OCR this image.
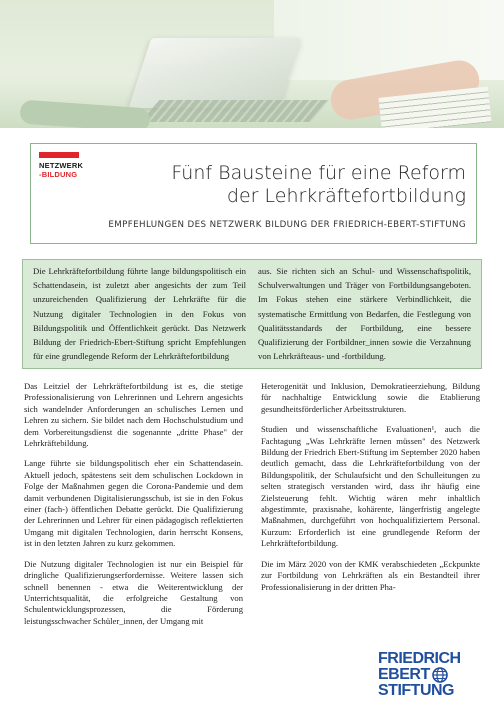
NETZWERK
-BILDUNG	Fünf Bausteine für eine Reform
der Lehrkräftefortbildung
EMPFEHLUNGEN DES NETZWERK BILDUNG DER FRIEDRICH-EBERT-STIFTUNG
Die Lehrkräftefortbildung führte lange bildungspolitisch ein Schattendasein, ist zuletzt aber angesichts der zum Teil unzureichenden Qualifizierung der Lehrkräfte für die Nutzung digitaler Technologien in den Fokus von Bildungspolitik und Öffentlichkeit gerückt. Das Netzwerk Bildung der Friedrich-Ebert-Stiftung spricht Empfehlungen für eine grundlegende Reform der Lehrkräftefortbildung
aus. Sie richten sich an Schul- und Wissenschaftspolitik, Schulverwaltungen und Träger von Fortbildungsangeboten. Im Fokus stehen eine stärkere Verbindlichkeit, die systematische Ermittlung von Bedarfen, die Festlegung von Qualitätsstandards der Fortbildung, eine bessere Qualifizierung der Fortbildner_innen sowie die Verzahnung von Lehrkräfteaus- und -fortbildung.

Das Leitziel der Lehrkräftefortbildung ist es, die stetige Professionalisierung von Lehrerinnen und Lehrern angesichts sich wandelnder Anforderungen an schulisches Lernen und Lehren zu sichern. Sie bildet nach dem Hochschulstudium und dem Vorbereitungsdienst die sogenannte „dritte Phase" der Lehrkräftebildung.

Lange führte sie bildungspolitisch eher ein Schattendasein. Aktuell jedoch, spätestens seit dem schulischen Lockdown in Folge der Maßnahmen gegen die Corona-Pandemie und dem damit verbundenen Digitalisierungsschub, ist sie in den Fokus einer (fach-) öffentlichen Debatte gerückt. Die Qualifizierung der Lehrerinnen und Lehrer für einen pädagogisch reflektierten Umgang mit digitalen Technologien, darin herrscht Konsens, ist in den letzten Jahren zu kurz gekommen.

Die Nutzung digitaler Technologien ist nur ein Beispiel für dringliche Qualifizierungserfordernisse. Weitere lassen sich schnell benennen - etwa die Weiterentwicklung der Unterrichtsqualität, die erfolgreiche Gestaltung von Schulentwicklungsprozessen, die Förderung leistungsschwacher Schüler_innen, der Umgang mit

Heterogenität und Inklusion, Demokratieerziehung, Bildung für nachhaltige Entwicklung sowie die Etablierung gesundheitsförderlicher Arbeitsstrukturen.

Studien und wissenschaftliche Evaluationen¹, auch die Fachtagung „Was Lehrkräfte lernen müssen" des Netzwerk Bildung der Friedrich Ebert-Stiftung im September 2020 haben deutlich gemacht, dass die Lehrkräftefortbildung von der Bildungspolitik, der Schulaufsicht und den Schulleitungen zu selten strategisch verstanden wird, dass ihr häufig eine Zielsteuerung fehlt. Wichtig wären mehr inhaltlich abgestimmte, praxisnahe, kohärente, längerfristig angelegte Maßnahmen, durchgeführt von hochqualifiziertem Personal. Kurzum: Erforderlich ist eine grundlegende Reform der Lehrkräftefortbildung.

Die im März 2020 von der KMK verabschiedeten „Eckpunkte zur Fortbildung von Lehrkräften als ein Bestandteil ihrer Professionalisierung in der dritten Pha-

FRIEDRICH
EBERT
STIFTUNG
